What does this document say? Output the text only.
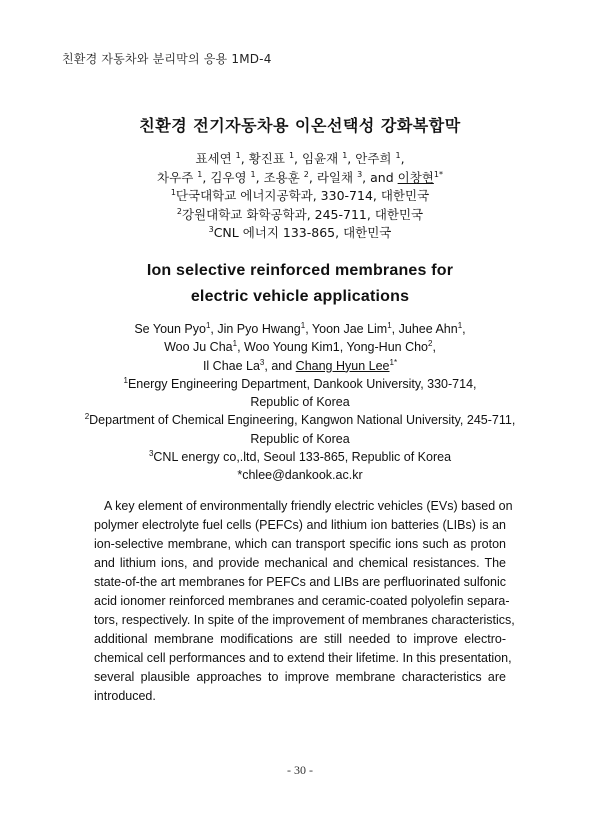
친환경 자동차와 분리막의 응용 1MD-4
친환경 전기자동차용 이온선택성 강화복합막
표세연 $^1$, 황진표 $^1$, 임윤재 $^1$, 안주희 $^1$,
차우주 $^1$, 김우영 $^1$, 조용훈 $^2$, 라일채 $^3$, and 이창현$^{1*}$
$^1$단국대학교 에너지공학과, 330-714, 대한민국
$^2$강원대학교 화학공학과, 245-711, 대한민국
$^3$CNL 에너지 133-865, 대한민국
Ion selective reinforced membranes for
electric vehicle applications
Se Youn Pyo$^1$, Jin Pyo Hwang$^1$, Yoon Jae Lim$^1$, Juhee Ahn$^1$,
Woo Ju Cha$^1$, Woo Young Kim1, Yong-Hun Cho$^2$,
Il Chae La$^3$, and Chang Hyun Lee$^{1*}$
$^1$Energy Engineering Department, Dankook University, 330-714,
Republic of Korea
$^2$Department of Chemical Engineering, Kangwon National University, 245-711,
Republic of Korea
$^3$CNL energy co,.ltd, Seoul 133-865, Republic of Korea
*chlee@dankook.ac.kr
A key element of environmentally friendly electric vehicles (EVs) based on
polymer electrolyte fuel cells (PEFCs) and lithium ion batteries (LIBs) is an
ion-selective membrane, which can transport specific ions such as proton
and lithium ions, and provide mechanical and chemical resistances. The
state-of-the art membranes for PEFCs and LIBs are perfluorinated sulfonic
acid ionomer reinforced membranes and ceramic-coated polyolefin separa-
tors, respectively. In spite of the improvement of membranes characteristics,
additional membrane modifications are still needed to improve electro-
chemical cell performances and to extend their lifetime. In this presentation,
several plausible approaches to improve membrane characteristics are
introduced.
- 30 -
